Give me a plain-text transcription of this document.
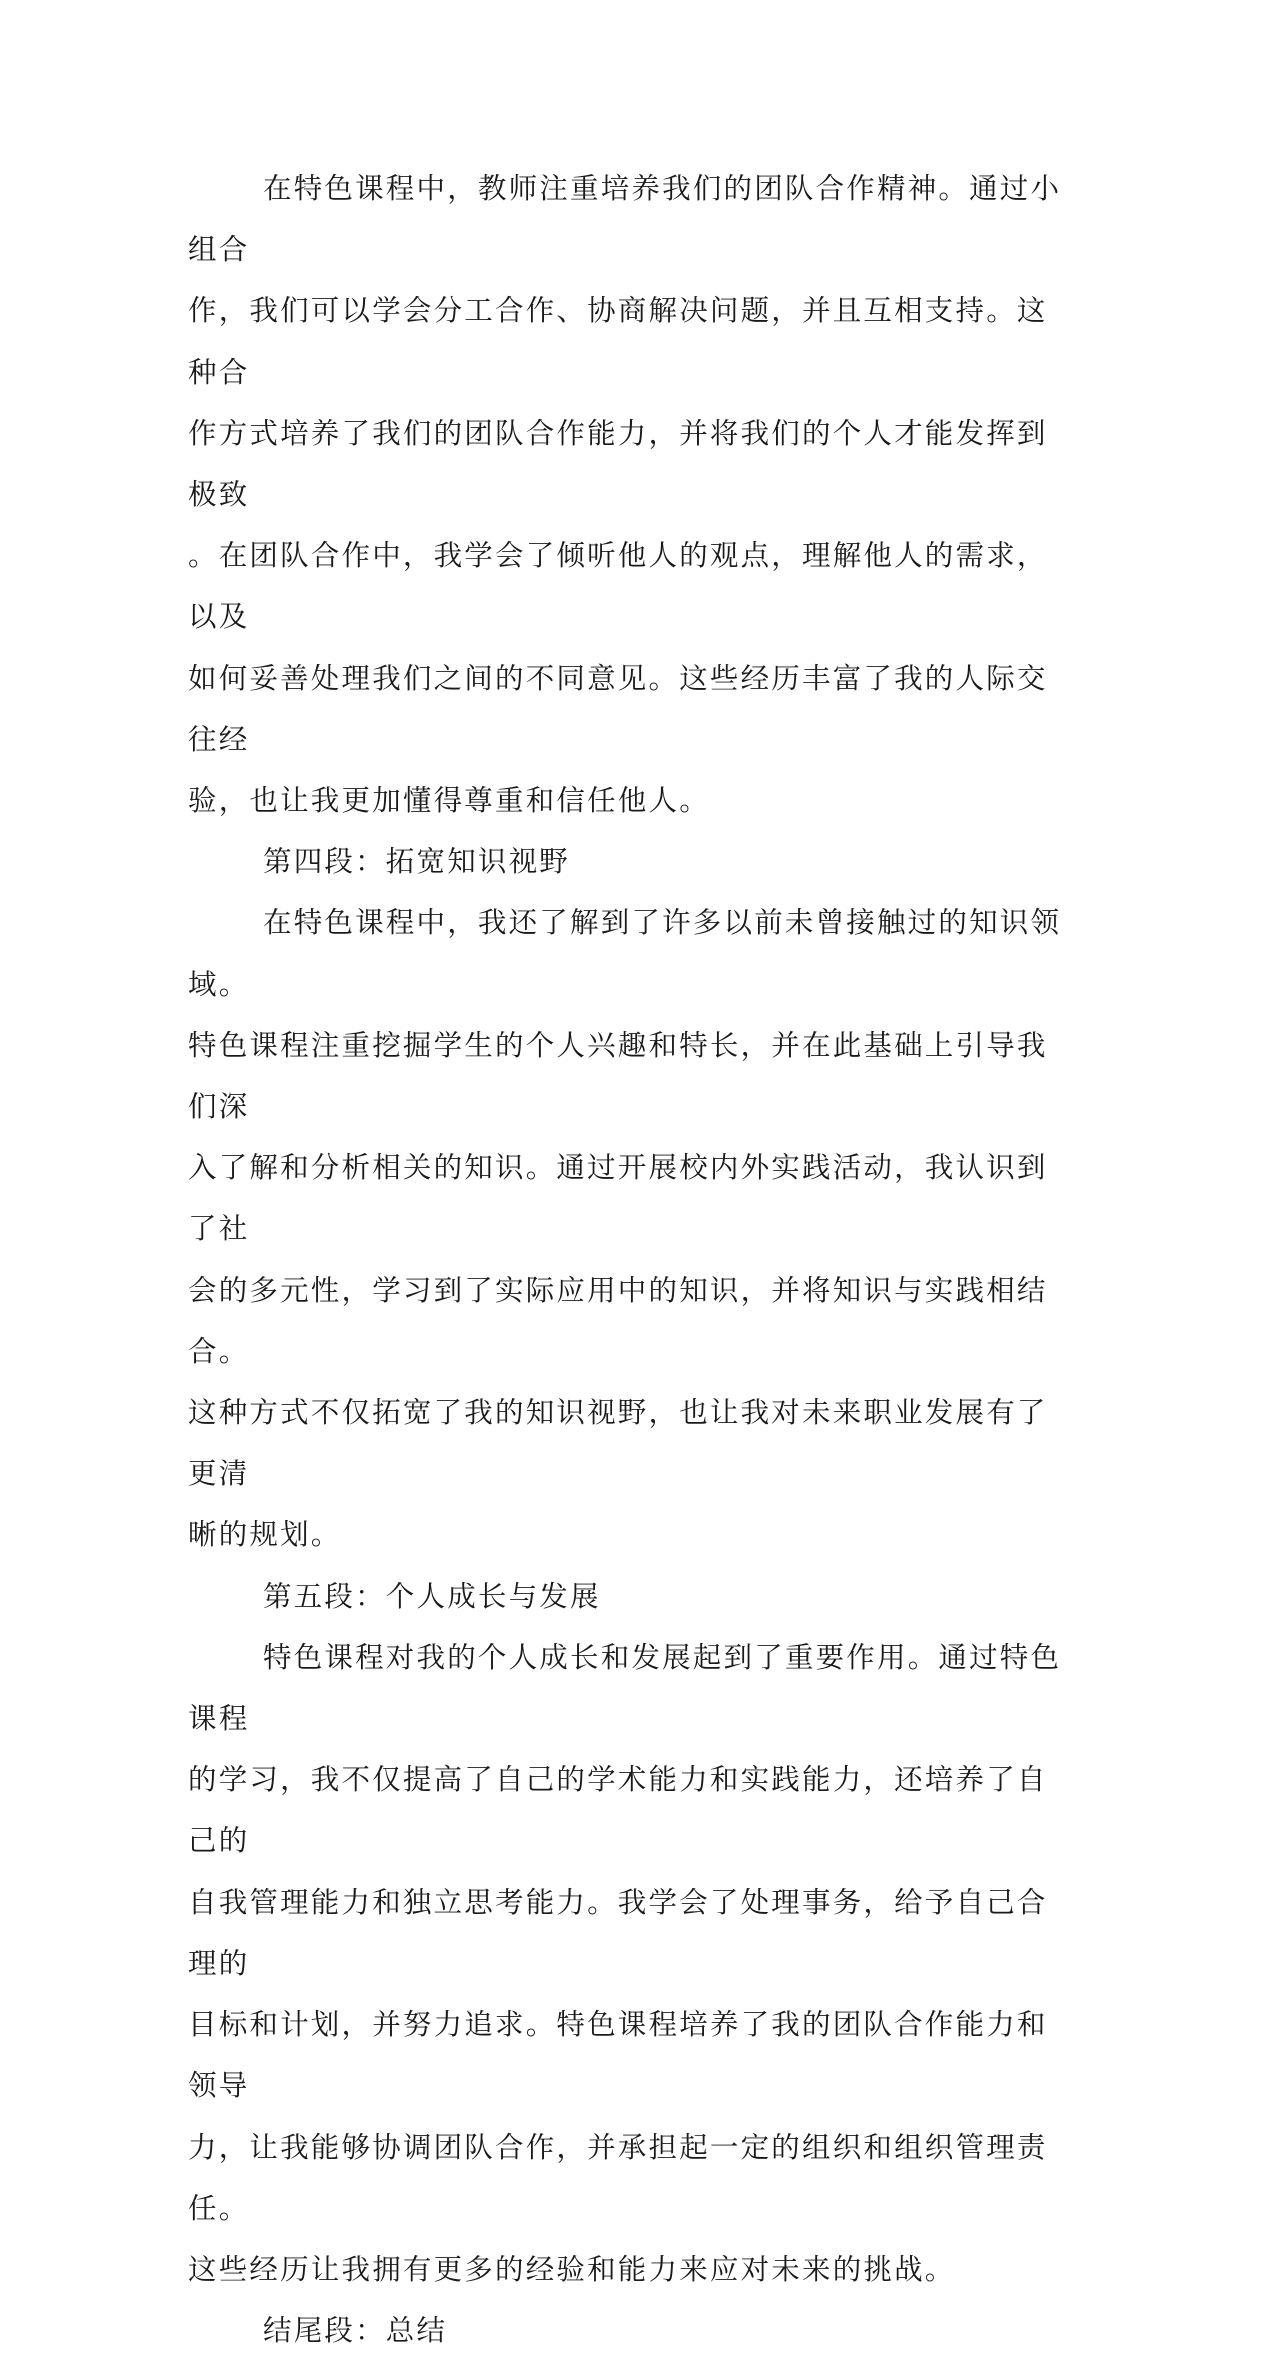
在特色课程中，教师注重培养我们的团队合作精神。通过小组合
作，我们可以学会分工合作、协商解决问题，并且互相支持。这种合
作方式培养了我们的团队合作能力，并将我们的个人才能发挥到极致
。在团队合作中，我学会了倾听他人的观点，理解他人的需求，以及
如何妥善处理我们之间的不同意见。这些经历丰富了我的人际交往经
验，也让我更加懂得尊重和信任他人。

第四段：拓宽知识视野

在特色课程中，我还了解到了许多以前未曾接触过的知识领域。
特色课程注重挖掘学生的个人兴趣和特长，并在此基础上引导我们深
入了解和分析相关的知识。通过开展校内外实践活动，我认识到了社
会的多元性，学习到了实际应用中的知识，并将知识与实践相结合。
这种方式不仅拓宽了我的知识视野，也让我对未来职业发展有了更清
晰的规划。

第五段：个人成长与发展

特色课程对我的个人成长和发展起到了重要作用。通过特色课程
的学习，我不仅提高了自己的学术能力和实践能力，还培养了自己的
自我管理能力和独立思考能力。我学会了处理事务，给予自己合理的
目标和计划，并努力追求。特色课程培养了我的团队合作能力和领导
力，让我能够协调团队合作，并承担起一定的组织和组织管理责任。
这些经历让我拥有更多的经验和能力来应对未来的挑战。

结尾段：总结
